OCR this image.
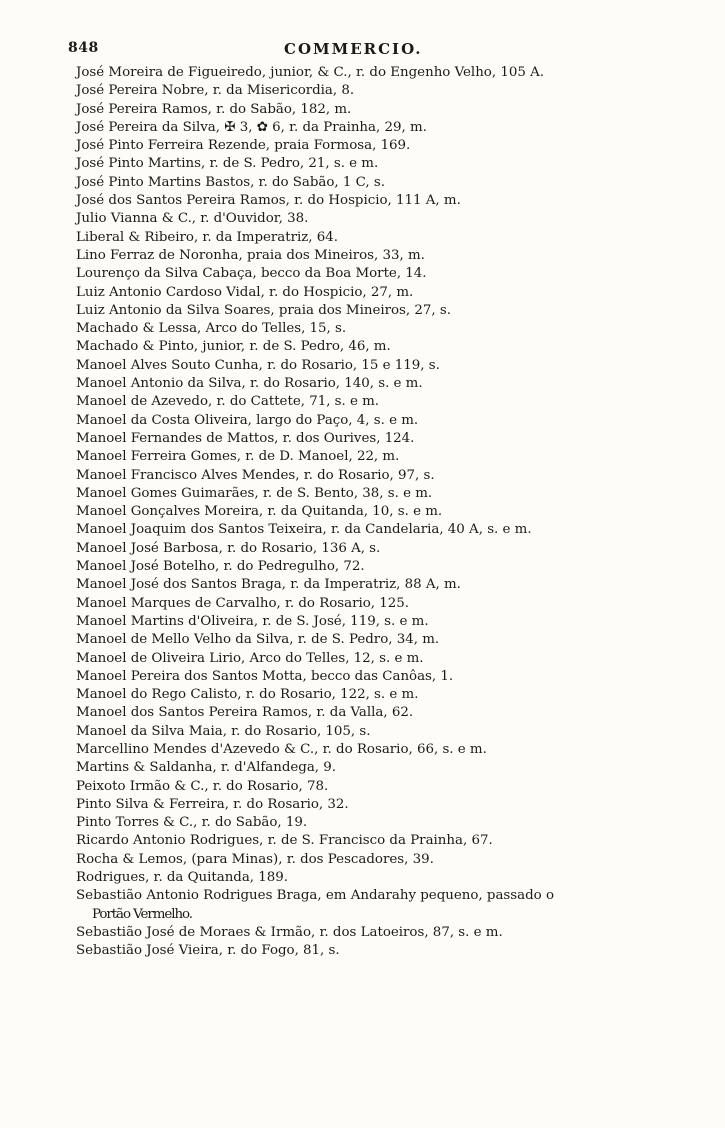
848	COMMERCIO.
José Moreira de Figueiredo, junior, & C., r. do Engenho Velho, 105 A.
José Pereira Nobre, r. da Misericordia, 8.
José Pereira Ramos, r. do Sabão, 182, m.
José Pereira da Silva, ✠ 3, ✿ 6, r. da Prainha, 29, m.
José Pinto Ferreira Rezende, praia Formosa, 169.
José Pinto Martins, r. de S. Pedro, 21, s. e m.
José Pinto Martins Bastos, r. do Sabão, 1 C, s.
José dos Santos Pereira Ramos, r. do Hospicio, 111 A, m.
Julio Vianna & C., r. d'Ouvidor, 38.
Liberal & Ribeiro, r. da Imperatriz, 64.
Lino Ferraz de Noronha, praia dos Mineiros, 33, m.
Lourenço da Silva Cabaça, becco da Boa Morte, 14.
Luiz Antonio Cardoso Vidal, r. do Hospicio, 27, m.
Luiz Antonio da Silva Soares, praia dos Mineiros, 27, s.
Machado & Lessa, Arco do Telles, 15, s.
Machado & Pinto, junior, r. de S. Pedro, 46, m.
Manoel Alves Souto Cunha, r. do Rosario, 15 e 119, s.
Manoel Antonio da Silva, r. do Rosario, 140, s. e m.
Manoel de Azevedo, r. do Cattete, 71, s. e m.
Manoel da Costa Oliveira, largo do Paço, 4, s. e m.
Manoel Fernandes de Mattos, r. dos Ourives, 124.
Manoel Ferreira Gomes, r. de D. Manoel, 22, m.
Manoel Francisco Alves Mendes, r. do Rosario, 97, s.
Manoel Gomes Guimarães, r. de S. Bento, 38, s. e m.
Manoel Gonçalves Moreira, r. da Quitanda, 10, s. e m.
Manoel Joaquim dos Santos Teixeira, r. da Candelaria, 40 A, s. e m.
Manoel José Barbosa, r. do Rosario, 136 A, s.
Manoel José Botelho, r. do Pedregulho, 72.
Manoel José dos Santos Braga, r. da Imperatriz, 88 A, m.
Manoel Marques de Carvalho, r. do Rosario, 125.
Manoel Martins d'Oliveira, r. de S. José, 119, s. e m.
Manoel de Mello Velho da Silva, r. de S. Pedro, 34, m.
Manoel de Oliveira Lirio, Arco do Telles, 12, s. e m.
Manoel Pereira dos Santos Motta, becco das Canôas, 1.
Manoel do Rego Calisto, r. do Rosario, 122, s. e m.
Manoel dos Santos Pereira Ramos, r. da Valla, 62.
Manoel da Silva Maia, r. do Rosario, 105, s.
Marcellino Mendes d'Azevedo & C., r. do Rosario, 66, s. e m.
Martins & Saldanha, r. d'Alfandega, 9.
Peixoto Irmão & C., r. do Rosario, 78.
Pinto Silva & Ferreira, r. do Rosario, 32.
Pinto Torres & C., r. do Sabão, 19.
Ricardo Antonio Rodrigues, r. de S. Francisco da Prainha, 67.
Rocha & Lemos, (para Minas), r. dos Pescadores, 39.
Rodrigues, r. da Quitanda, 189.
Sebastião Antonio Rodrigues Braga, em Andarahy pequeno, passado o
Portão Vermelho.
Sebastião José de Moraes & Irmão, r. dos Latoeiros, 87, s. e m.
Sebastião José Vieira, r. do Fogo, 81, s.
